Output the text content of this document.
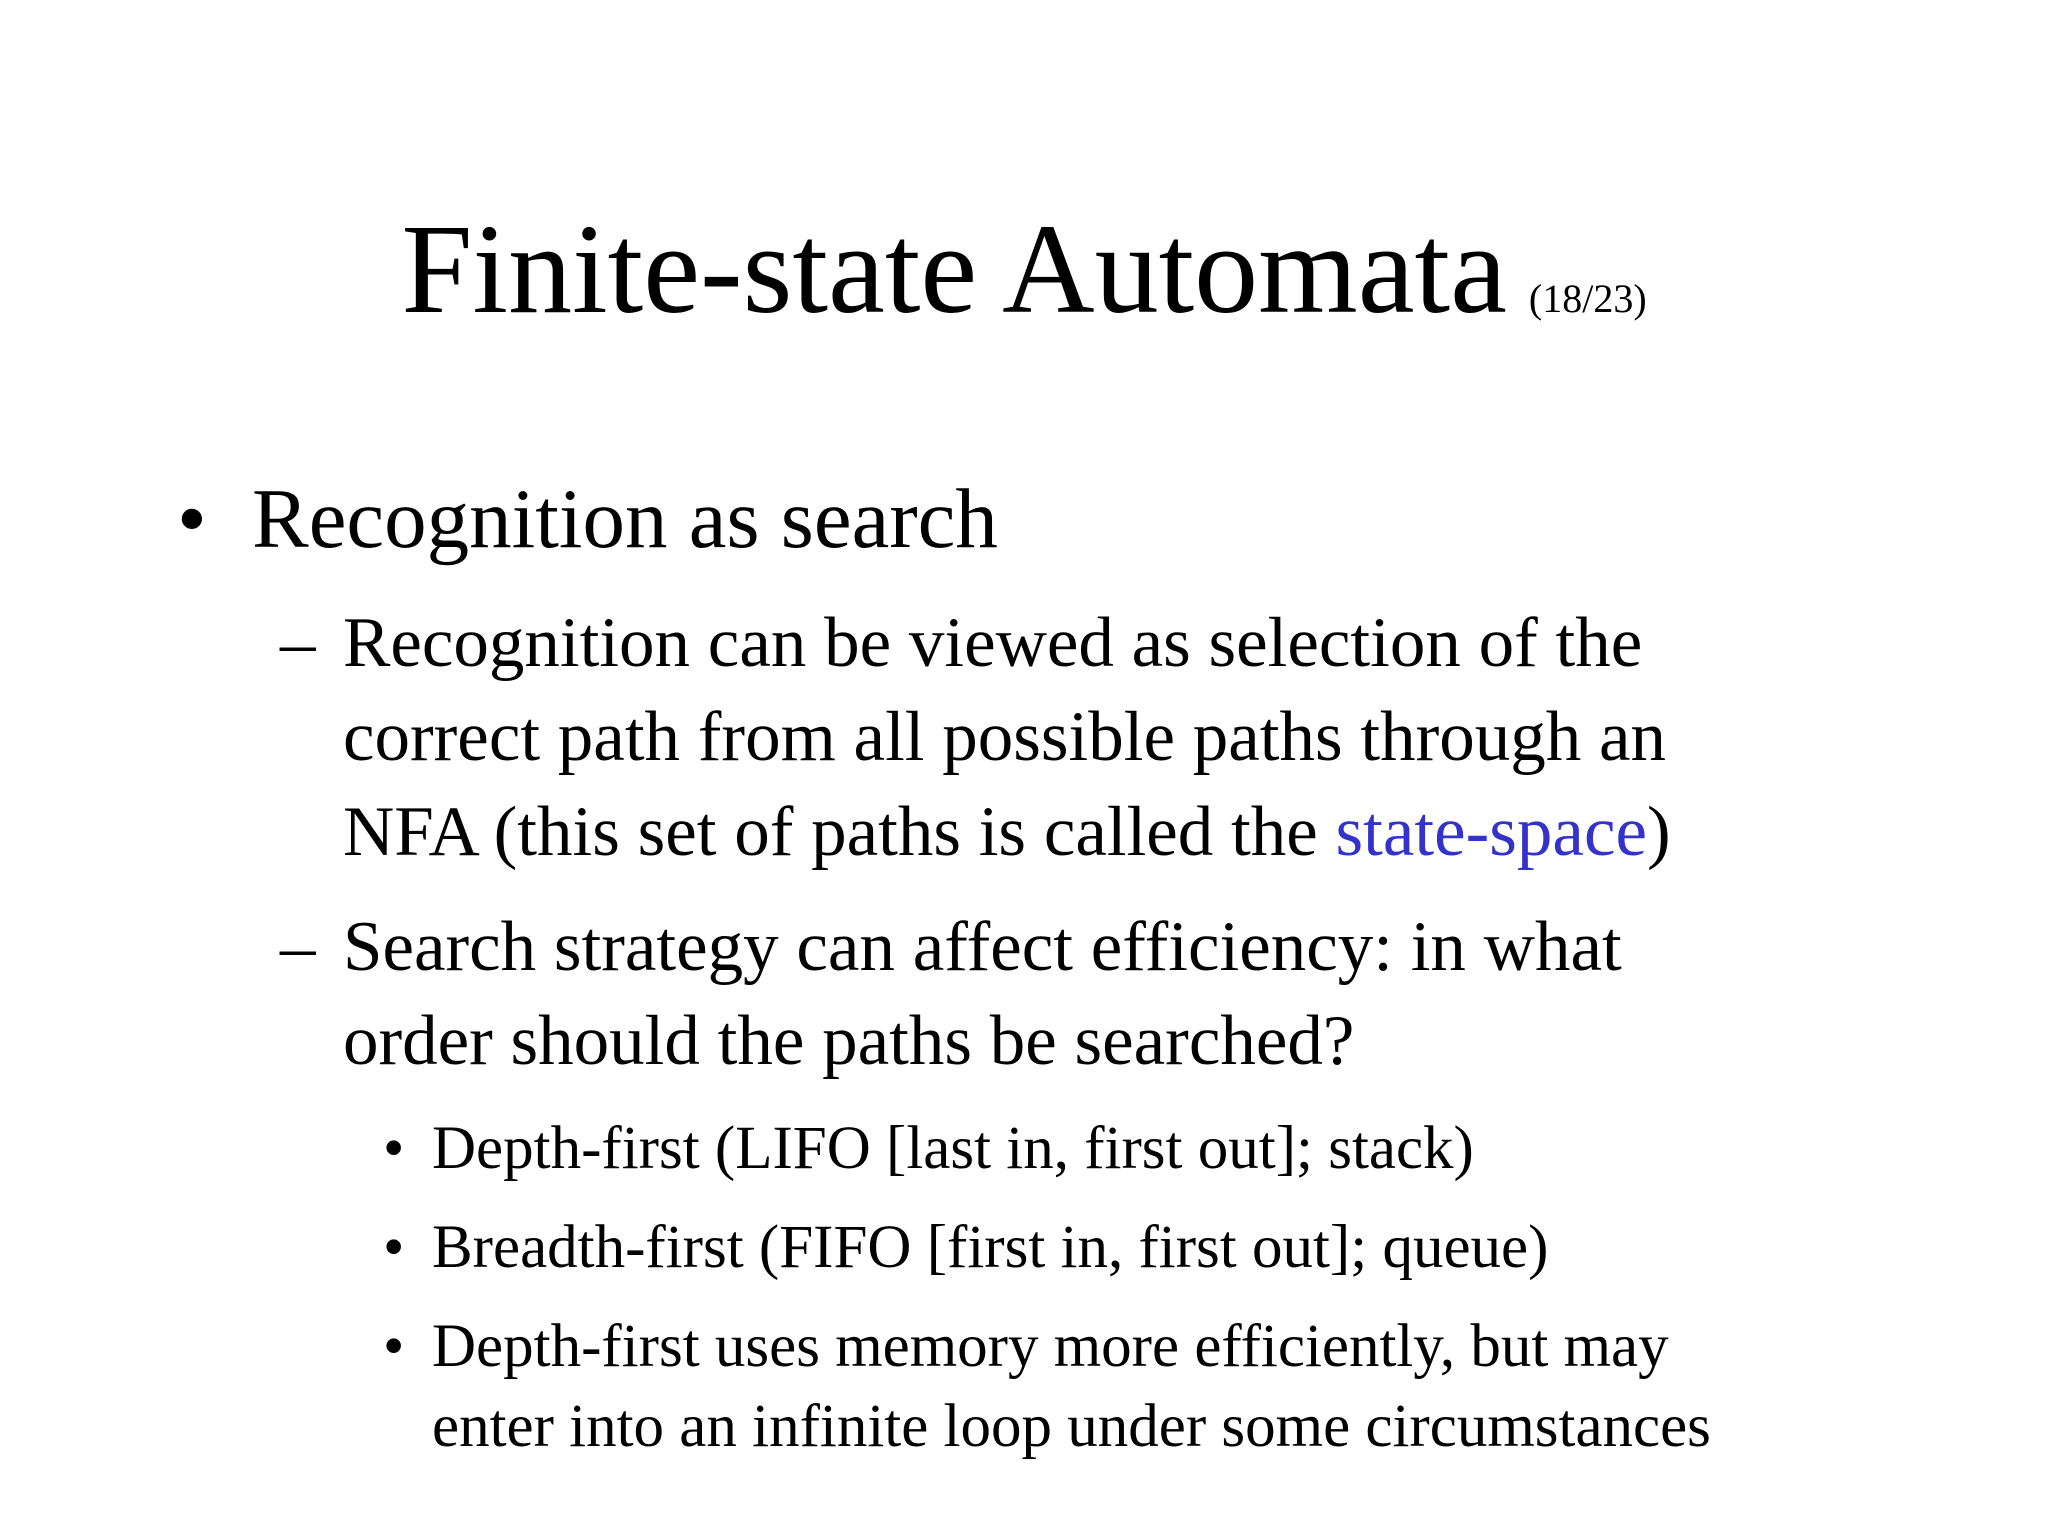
Finite-state Automata (18/23)
• Recognition as search
– Recognition can be viewed as selection of the
correct path from all possible paths through an
NFA (this set of paths is called the state-space)
– Search strategy can affect efficiency: in what
order should the paths be searched?
• Depth-first (LIFO [last in, first out]; stack)
• Breadth-first (FIFO [first in, first out]; queue)
• Depth-first uses memory more efficiently, but may
enter into an infinite loop under some circumstances
